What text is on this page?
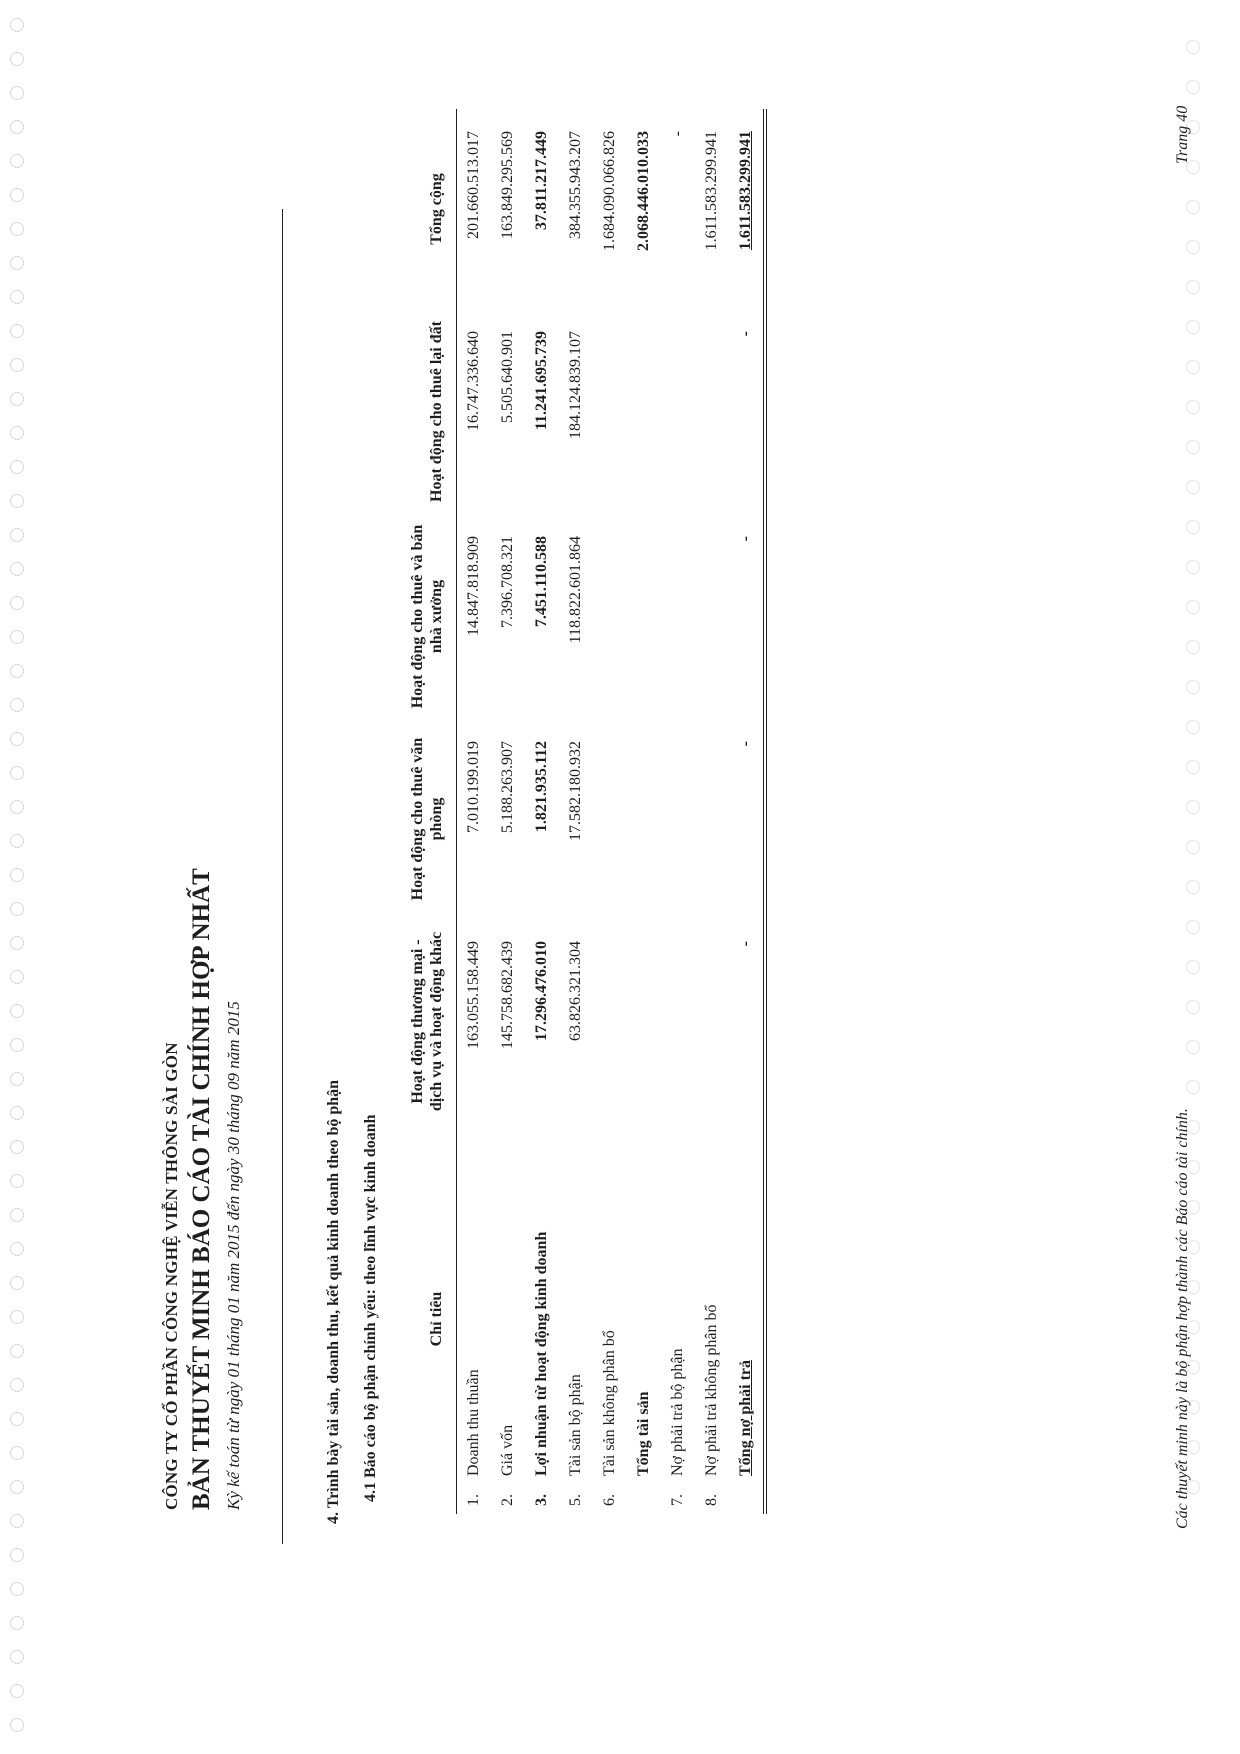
CÔNG TY CỔ PHẦN CÔNG NGHỆ VIỄN THÔNG SÀI GÒN BẢN THUYẾT MINH BÁO CÁO TÀI CHÍNH HỢP NHẤT Kỳ kế toán từ ngày 01 tháng 01 năm 2015 đến ngày 30 tháng 09 năm 2015	4. Trình bày tài sản, doanh thu, kết quả kinh doanh theo bộ phận 4.1 Báo cáo bộ phận chính yếu: theo lĩnh vực kinh doanh	Chỉ tiêu	Hoạt động thương mại - dịch vụ và hoạt động khác	Hoạt động cho thuê văn phòng	Hoạt động cho thuê và bán nhà xưởng	Hoạt động cho thuê lại đất	Tổng cộng
1.Doanh thu thuần	163.055.158.449	7.010.199.019	14.847.818.909	16.747.336.640	201.660.513.017
2.Giá vốn	145.758.682.439	5.188.263.907	7.396.708.321	5.505.640.901	163.849.295.569
3.Lợi nhuận từ hoạt động kinh doanh	17.296.476.010	1.821.935.112	7.451.110.588	11.241.695.739	37.811.217.449
5.Tài sản bộ phận	63.826.321.304	17.582.180.932	118.822.601.864	184.124.839.107	384.355.943.207
6.Tài sản không phân bổ					1.684.090.066.826
Tổng tài sản					2.068.446.010.033
7.Nợ phải trả bộ phận					-
8.Nợ phải trả không phân bổ					1.611.583.299.941
Tổng nợ phải trả	-	-	-	-	1.611.583.299.941
Các thuyết minh này là bộ phận hợp thành các Báo cáo tài chính.
Trang 40
